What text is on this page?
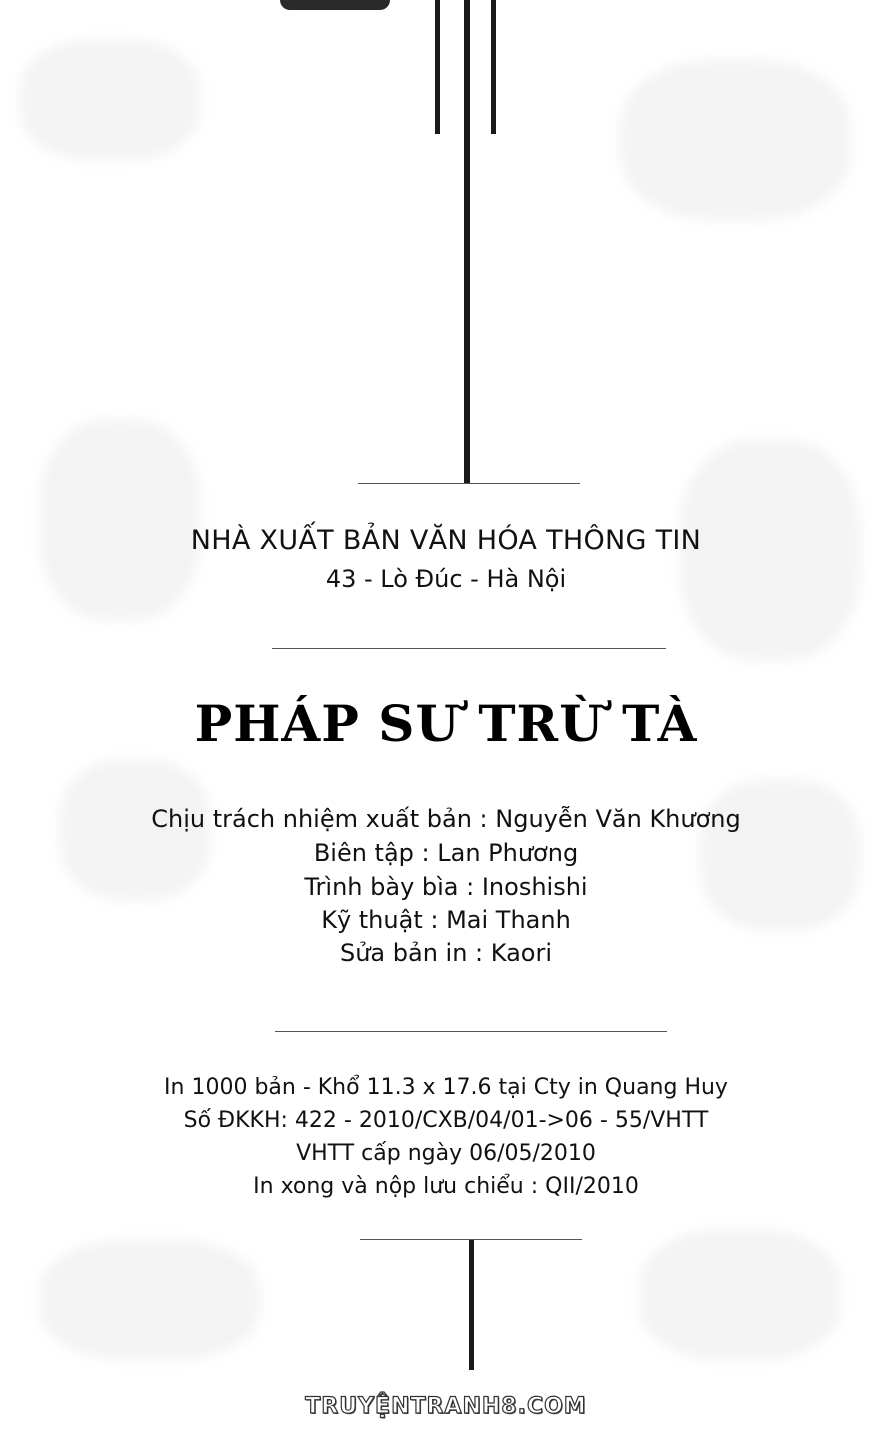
NHÀ XUẤT BẢN VĂN HÓA THÔNG TIN

43 - Lò Đúc - Hà Nội

PHÁP SƯ TRỪ TÀ

Chịu trách nhiệm xuất bản : Nguyễn Văn Khương

Biên tập : Lan Phương

Trình bày bìa : Inoshishi

Kỹ thuật : Mai Thanh

Sửa bản in : Kaori

In 1000 bản - Khổ 11.3 x 17.6 tại Cty in Quang Huy

Số ĐKKH: 422 - 2010/CXB/04/01->06 - 55/VHTT

VHTT cấp ngày 06/05/2010

In xong và nộp lưu chiểu : QII/2010

TRUYỆNTRANH8.COM
